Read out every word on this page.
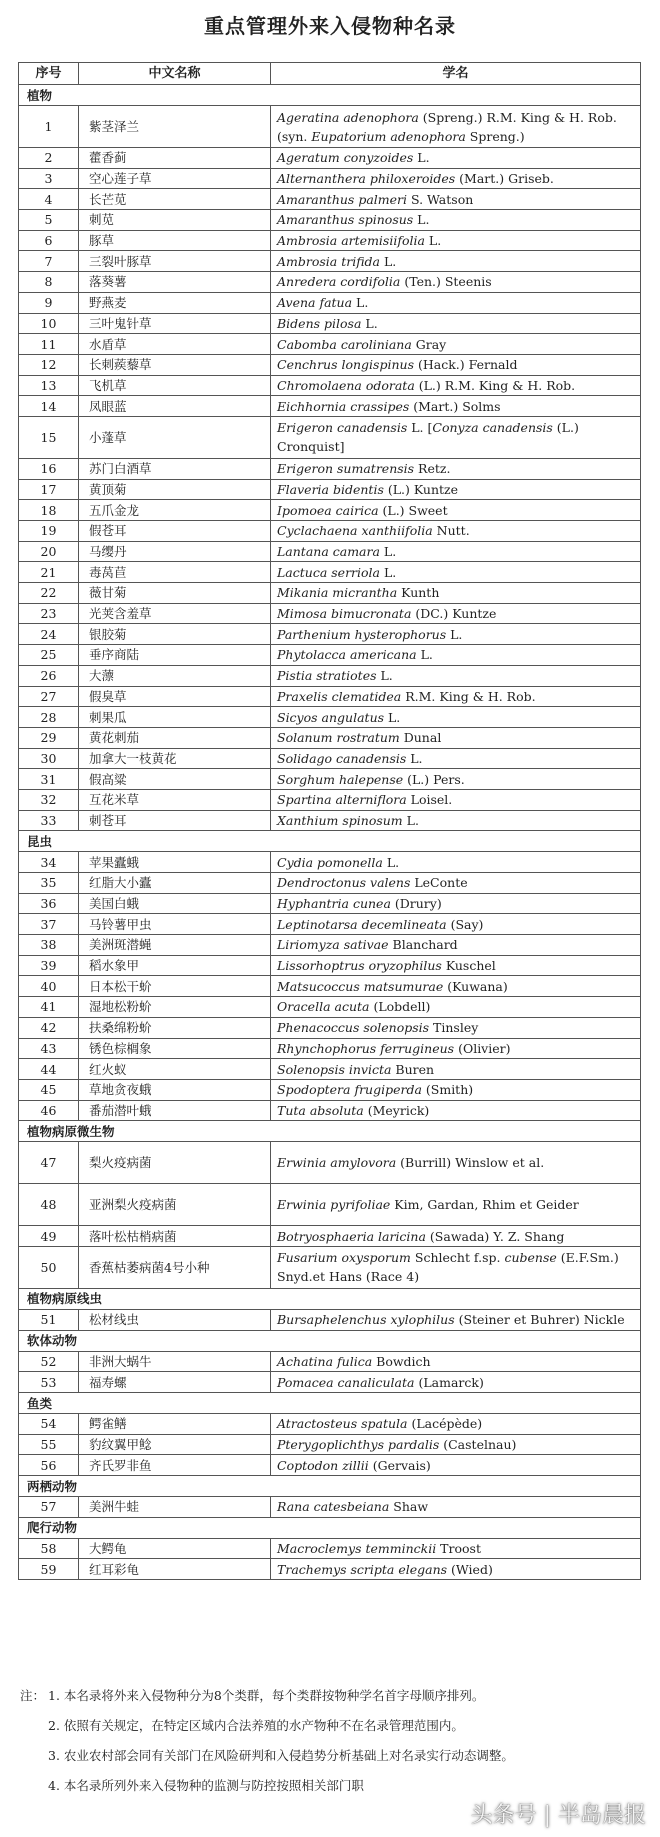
重点管理外来入侵物种名录
序号	中文名称	学名
植物		
1	紫茎泽兰	Ageratina adenophora (Spreng.) R.M. King & H. Rob. (syn. Eupatorium adenophora Spreng.)
2	藿香蓟	Ageratum conyzoides L.
3	空心莲子草	Alternanthera philoxeroides (Mart.) Griseb.
4	长芒苋	Amaranthus palmeri S. Watson
5	刺苋	Amaranthus spinosus L.
6	豚草	Ambrosia artemisiifolia L.
7	三裂叶豚草	Ambrosia trifida L.
8	落葵薯	Anredera cordifolia (Ten.) Steenis
9	野燕麦	Avena fatua L.
10	三叶鬼针草	Bidens pilosa L.
11	水盾草	Cabomba caroliniana Gray
12	长刺蒺藜草	Cenchrus longispinus (Hack.) Fernald
13	飞机草	Chromolaena odorata (L.) R.M. King & H. Rob.
14	凤眼蓝	Eichhornia crassipes (Mart.) Solms
15	小蓬草	Erigeron canadensis L. [Conyza canadensis (L.) Cronquist]
16	苏门白酒草	Erigeron sumatrensis Retz.
17	黄顶菊	Flaveria bidentis (L.) Kuntze
18	五爪金龙	Ipomoea cairica (L.) Sweet
19	假苍耳	Cyclachaena xanthiifolia Nutt.
20	马缨丹	Lantana camara L.
21	毒莴苣	Lactuca serriola L.
22	薇甘菊	Mikania micrantha Kunth
23	光荚含羞草	Mimosa bimucronata (DC.) Kuntze
24	银胶菊	Parthenium hysterophorus L.
25	垂序商陆	Phytolacca americana L.
26	大薸	Pistia stratiotes L.
27	假臭草	Praxelis clematidea R.M. King & H. Rob.
28	刺果瓜	Sicyos angulatus L.
29	黄花刺茄	Solanum rostratum Dunal
30	加拿大一枝黄花	Solidago canadensis L.
31	假高粱	Sorghum halepense (L.) Pers.
32	互花米草	Spartina alterniflora Loisel.
33	刺苍耳	Xanthium spinosum L.
昆虫		
34	苹果蠹蛾	Cydia pomonella L.
35	红脂大小蠹	Dendroctonus valens LeConte
36	美国白蛾	Hyphantria cunea (Drury)
37	马铃薯甲虫	Leptinotarsa decemlineata (Say)
38	美洲斑潜蝇	Liriomyza sativae Blanchard
39	稻水象甲	Lissorhoptrus oryzophilus Kuschel
40	日本松干蚧	Matsucoccus matsumurae (Kuwana)
41	湿地松粉蚧	Oracella acuta (Lobdell)
42	扶桑绵粉蚧	Phenacoccus solenopsis Tinsley
43	锈色棕榈象	Rhynchophorus ferrugineus (Olivier)
44	红火蚁	Solenopsis invicta Buren
45	草地贪夜蛾	Spodoptera frugiperda (Smith)
46	番茄潜叶蛾	Tuta absoluta (Meyrick)
植物病原微生物		
47	梨火疫病菌	Erwinia amylovora (Burrill) Winslow et al.
48	亚洲梨火疫病菌	Erwinia pyrifoliae Kim, Gardan, Rhim et Geider
49	落叶松枯梢病菌	Botryosphaeria laricina (Sawada) Y. Z. Shang
50	香蕉枯萎病菌4号小种	Fusarium oxysporum Schlecht f.sp. cubense (E.F.Sm.) Snyd.et Hans (Race 4)
植物病原线虫		
51	松材线虫	Bursaphelenchus xylophilus (Steiner et Buhrer) Nickle
软体动物		
52	非洲大蜗牛	Achatina fulica Bowdich
53	福寿螺	Pomacea canaliculata (Lamarck)
鱼类		
54	鳄雀鳝	Atractosteus spatula (Lacépède)
55	豹纹翼甲鲶	Pterygoplichthys pardalis (Castelnau)
56	齐氏罗非鱼	Coptodon zillii (Gervais)
两栖动物		
57	美洲牛蛙	Rana catesbeiana Shaw
爬行动物		
58	大鳄龟	Macroclemys temminckii Troost
59	红耳彩龟	Trachemys scripta elegans (Wied)
注： 1. 本名录将外来入侵物种分为8个类群，每个类群按物种学名首字母顺序排列。
2. 依照有关规定，在特定区域内合法养殖的水产物种不在名录管理范围内。
3. 农业农村部会同有关部门在风险研判和入侵趋势分析基础上对名录实行动态调整。
4. 本名录所列外来入侵物种的监测与防控按照相关部门职
头条号 | 半岛晨报
